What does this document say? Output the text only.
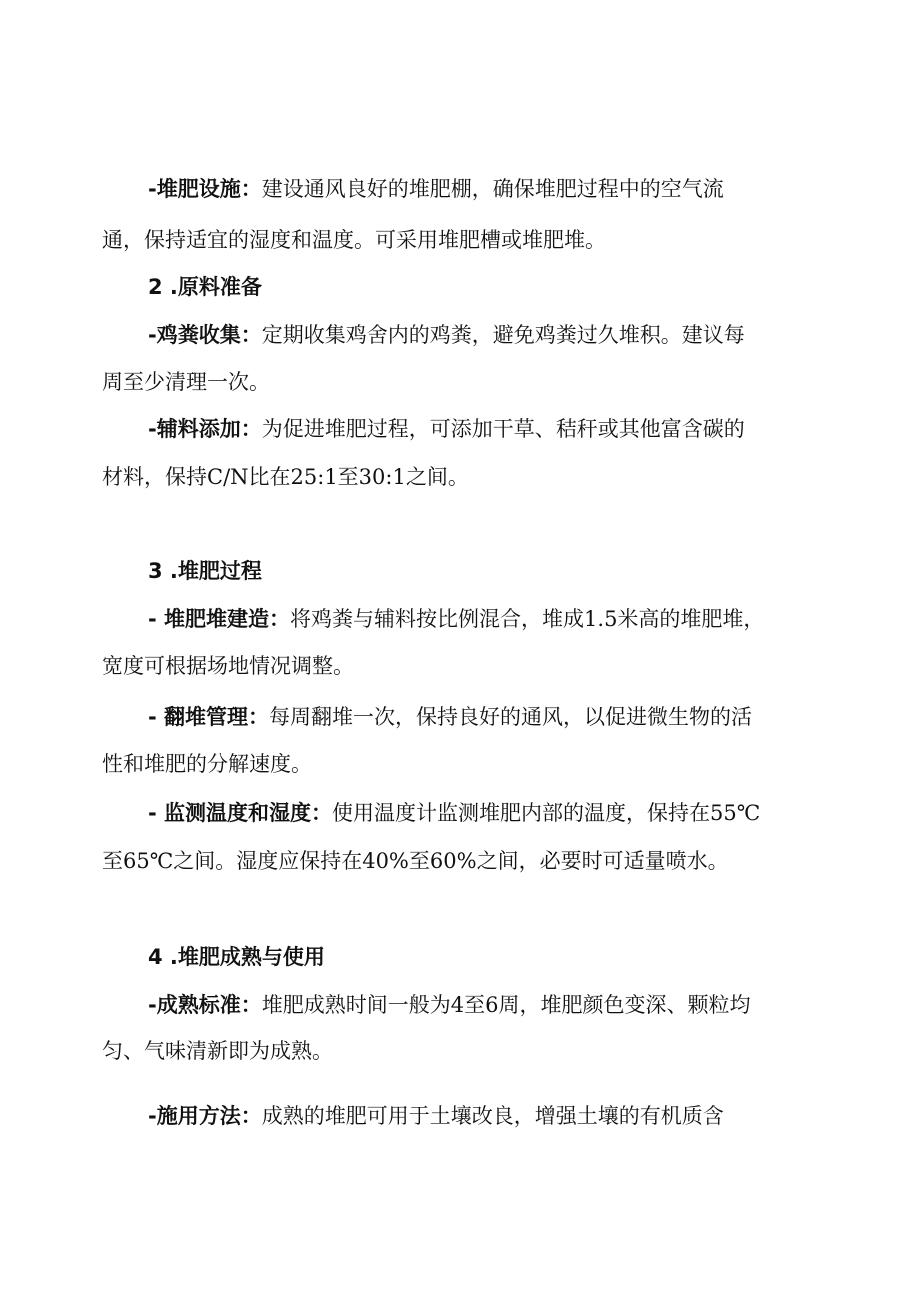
-堆肥设施：建设通风良好的堆肥棚，确保堆肥过程中的空气流
通，保持适宜的湿度和温度。可采用堆肥槽或堆肥堆。
2 .原料准备
-鸡粪收集：定期收集鸡舍内的鸡粪，避免鸡粪过久堆积。建议每
周至少清理一次。
-辅料添加：为促进堆肥过程，可添加干草、秸秆或其他富含碳的
材料，保持C/N比在25:1至30:1之间。
3 .堆肥过程
- 堆肥堆建造：将鸡粪与辅料按比例混合，堆成1.5米高的堆肥堆，
宽度可根据场地情况调整。
- 翻堆管理：每周翻堆一次，保持良好的通风，以促进微生物的活
性和堆肥的分解速度。
- 监测温度和湿度：使用温度计监测堆肥内部的温度，保持在55℃
至65℃之间。湿度应保持在40%至60%之间，必要时可适量喷水。
4 .堆肥成熟与使用
-成熟标准：堆肥成熟时间一般为4至6周，堆肥颜色变深、颗粒均
匀、气味清新即为成熟。
-施用方法：成熟的堆肥可用于土壤改良，增强土壤的有机质含
